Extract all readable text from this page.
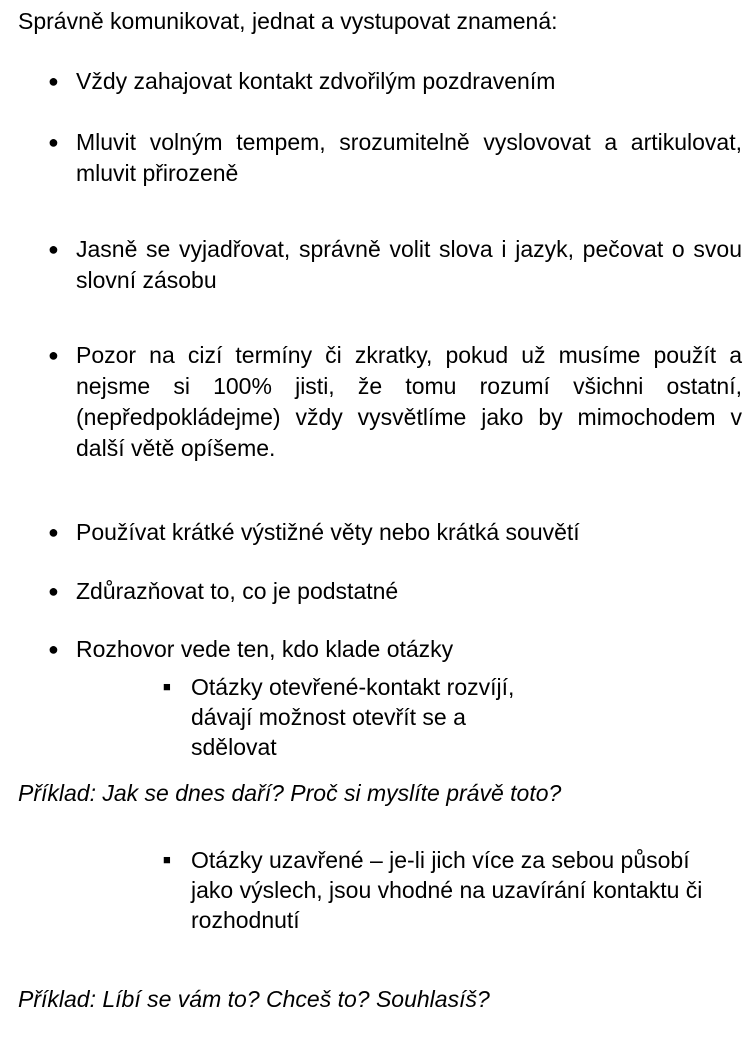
Správně komunikovat, jednat a vystupovat znamená:
● Vždy zahajovat kontakt zdvořilým pozdravením
● Mluvit volným tempem, srozumitelně vyslovovat a artikulovat, mluvit přirozeně
● Jasně se vyjadřovat, správně volit slova i jazyk, pečovat o svou slovní zásobu
● Pozor na cizí termíny či zkratky, pokud už musíme použít a nejsme si 100% jisti, že tomu rozumí všichni ostatní, (nepředpokládejme) vždy vysvětlíme jako by mimochodem v další větě opíšeme.
● Používat krátké výstižné věty nebo krátká souvětí
● Zdůrazňovat to, co je podstatné
● Rozhovor vede ten, kdo klade otázky
■ Otázky otevřené-kontakt rozvíjí, dávají možnost otevřít se a sdělovat
Příklad: Jak se dnes daří? Proč si myslíte právě toto?
■ Otázky uzavřené – je-li jich více za sebou působí jako výslech, jsou vhodné na uzavírání kontaktu či rozhodnutí
Příklad: Líbí se vám to? Chceš to? Souhlasíš?
